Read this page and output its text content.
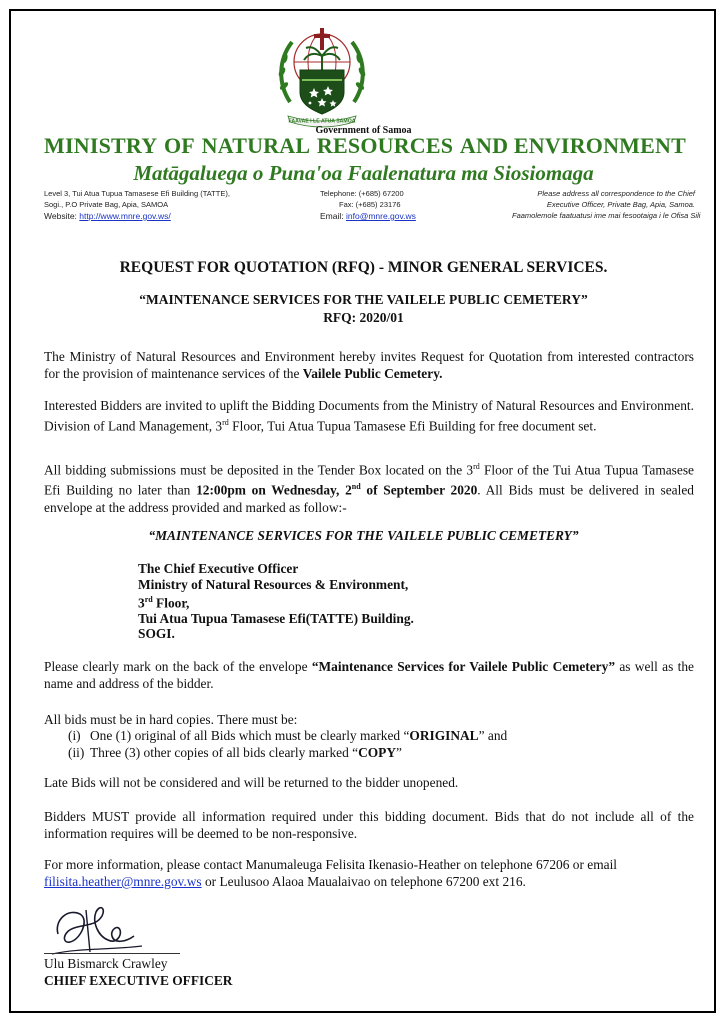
FAAVAE I LE ATUA SAMOA
Government of Samoa
MINISTRY OF NATURAL RESOURCES AND ENVIRONMENT
Matāgaluega o Puna'oa Faalenatura ma Siosiomaga
Level 3, Tui Atua Tupua Tamasese Efi Building (TATTE),
Sogi., P.O Private Bag, Apia, SAMOA
Website: http://www.mnre.gov.ws/
Telephone: (+685) 67200
Fax: (+685) 23176
Email: info@mnre.gov.ws
Please address all correspondence to the Chief
Executive Officer, Private Bag, Apia, Samoa.
Faamolemole faatuatusi ime mai fesootaiga i le Ofisa Sili
REQUEST FOR QUOTATION (RFQ) - MINOR GENERAL SERVICES.
“MAINTENANCE SERVICES FOR THE VAILELE PUBLIC CEMETERY”
RFQ: 2020/01
The Ministry of Natural Resources and Environment hereby invites Request for Quotation from interested contractors for the provision of maintenance services of the Vailele Public Cemetery.
Interested Bidders are invited to uplift the Bidding Documents from the Ministry of Natural Resources and Environment. Division of Land Management, 3rd Floor, Tui Atua Tupua Tamasese Efi Building for free document set.
All bidding submissions must be deposited in the Tender Box located on the 3rd Floor of the Tui Atua Tupua Tamasese Efi Building no later than 12:00pm on Wednesday, 2nd of September 2020. All Bids must be delivered in sealed envelope at the address provided and marked as follow:-
“MAINTENANCE SERVICES FOR THE VAILELE PUBLIC CEMETERY”
The Chief Executive Officer
Ministry of Natural Resources & Environment,
3rd Floor,
Tui Atua Tupua Tamasese Efi(TATTE) Building.
SOGI.
Please clearly mark on the back of the envelope “Maintenance Services for Vailele Public Cemetery” as well as the name and address of the bidder.
All bids must be in hard copies. There must be:
(i) One (1) original of all Bids which must be clearly marked “ORIGINAL” and
(ii) Three (3) other copies of all bids clearly marked “COPY”
Late Bids will not be considered and will be returned to the bidder unopened.
Bidders MUST provide all information required under this bidding document. Bids that do not include all of the information requires will be deemed to be non-responsive.
For more information, please contact Manumaleuga Felisita Ikenasio-Heather on telephone 67206 or email
filisita.heather@mnre.gov.ws or Leulusoo Alaoa Maualaivao on telephone 67200 ext 216.
Ulu Bismarck Crawley
CHIEF EXECUTIVE OFFICER
